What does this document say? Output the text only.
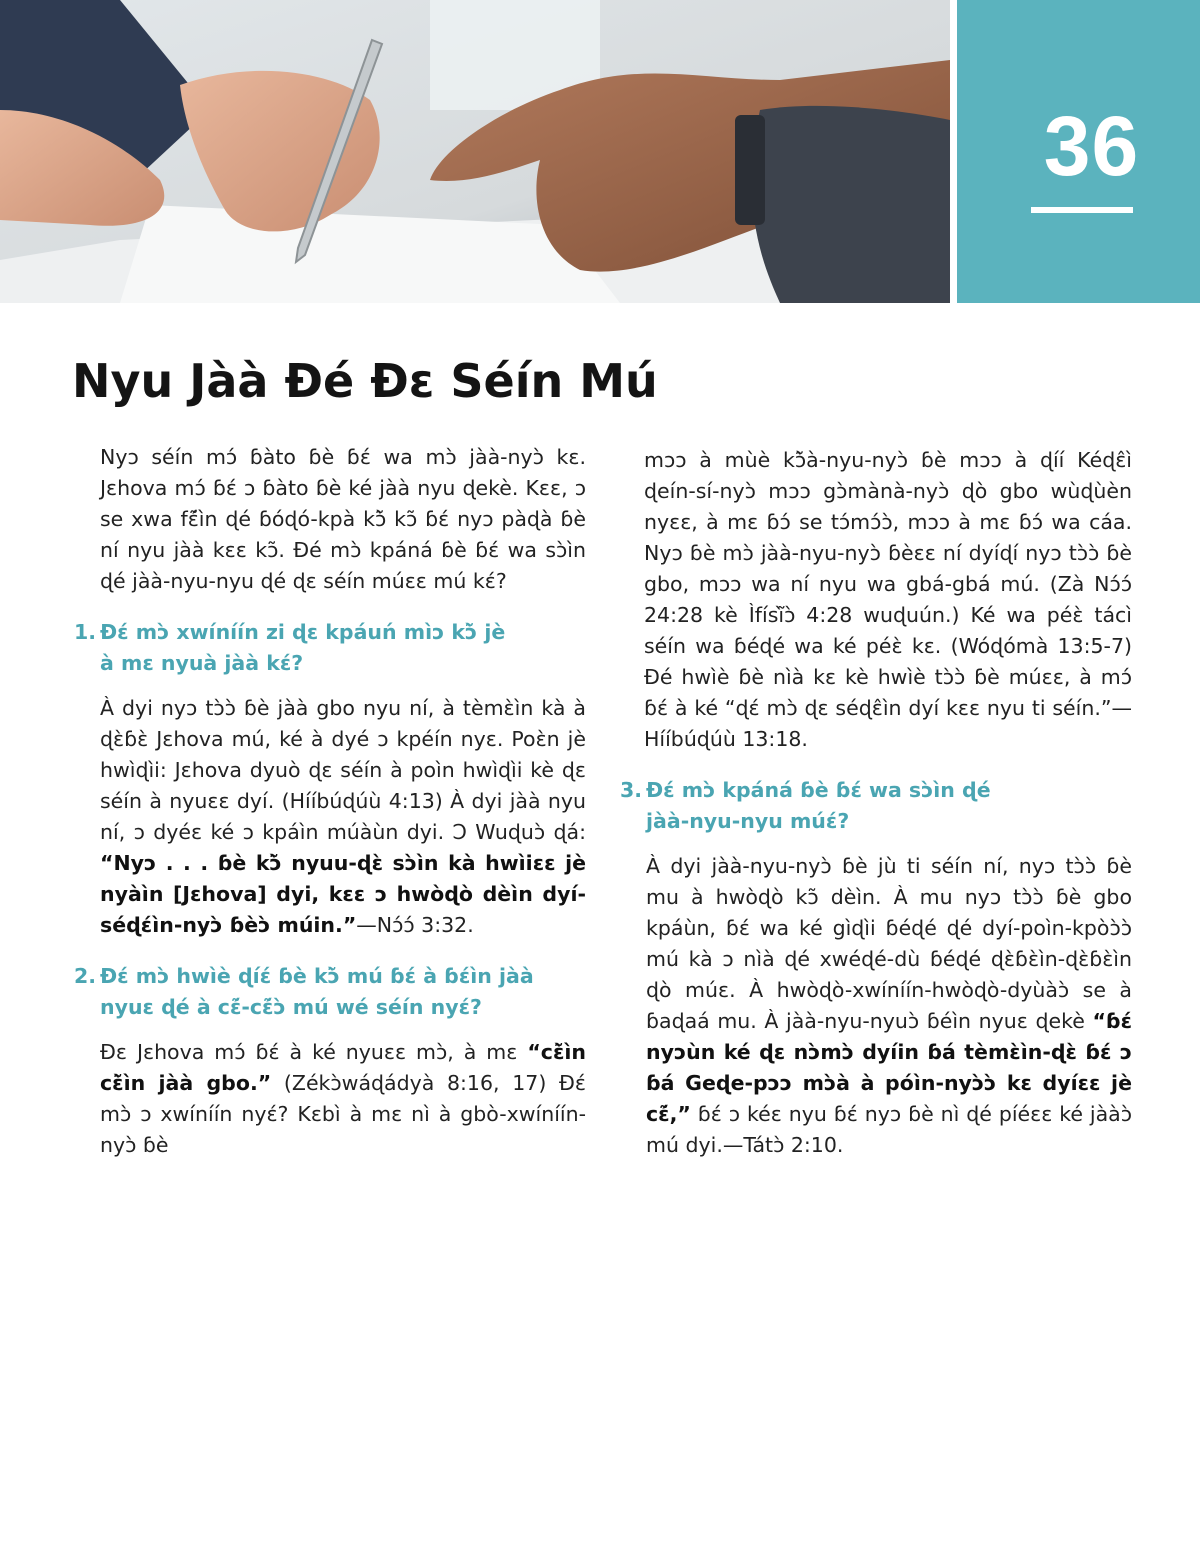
36
Nyu Jàà Ɖé Ɖɛ Séín Mú

Nyɔ séín mɔ́ ɓàto ɓè ɓɛ́ wa mɔ̀ jàà-nyɔ̀ kɛ. Jɛhova mɔ́ ɓɛ́ ɔ ɓàto ɓè ké jàà nyu ɖekè. Kɛɛ, ɔ se xwa fɛ̃́ìn ɖé ɓóɖó-kpà kɔ̃̀ kɔ̃ ɓɛ́ nyɔ pàɖà ɓè ní nyu jàà kɛɛ kɔ̃. Ɖé mɔ̀ kpáná ɓè ɓɛ́ wa sɔ̀ìn ɖé jàà-nyu-nyu ɖé ɖɛ séín múɛɛ mú kɛ́?

1. Ɖɛ́ mɔ̀ xwíníín zi ɖɛ kpáuń mìɔ kɔ̃̀ jè
à mɛ nyuà jàà kɛ́?

À dyi nyɔ tɔ̀ɔ̀ ɓè jàà gbo nyu ní, à tèmɛ̀ìn kà à ɖɛ̀ɓɛ̀ Jɛhova mú, ké à dyé ɔ kpéín nyɛ. Poɛ̀n jè hwìɖìi: Jɛhova dyuò ɖɛ séín à poìn hwìɖìi kè ɖɛ séín à nyuɛɛ dyí. (Hííbúɖúù 4:13) À dyi jàà nyu ní, ɔ dyéɛ ké ɔ kpáìn múàùn dyi. Ɔ Wuɖuɔ̀ ɖá: “Nyɔ . . . ɓè kɔ̃̀ nyuu-ɖɛ̀ sɔ̀ìn kà hwìiɛɛ jè nyàìn [Jɛhova] dyi, kɛɛ ɔ hwòɖò dèìn dyí-séɖɛ́ìn-nyɔ̀ ɓèɔ̀ múin.”—Nɔ́ɔ́ 3:32.

2. Ɖɛ́ mɔ̀ hwìè ɖíɛ́ ɓè kɔ̃̀ mú ɓɛ́ à ɓɛ́ìn jàà
nyuɛ ɖé à cɛ̃́-cɛ̃́ɔ̀ mú wé séín nyɛ́?

Ɖɛ Jɛhova mɔ́ ɓɛ́ à ké nyuɛɛ mɔ̀, à mɛ “cɛ̃̀ìn cɛ̃̀ìn jàà gbo.” (Zékɔ̀wáɖádyà 8:16, 17) Ɖɛ́ mɔ̀ ɔ xwíníín nyɛ́? Kɛbì à mɛ nì à gbò-xwíníín-nyɔ̀ ɓè

mɔɔ à mùè kɔ̃̀à-nyu-nyɔ̀ ɓè mɔɔ à ɖíí Kéɖɛ̂ì ɖeín-sí-nyɔ̀ mɔɔ gɔ̀mànà-nyɔ̀ ɖò gbo wùɖùèn nyɛɛ, à mɛ ɓɔ́ se tɔ́mɔ́ɔ̀, mɔɔ à mɛ ɓɔ́ wa cáa. Nyɔ ɓè mɔ̀ jàà-nyu-nyɔ̀ ɓèɛɛ ní dyíɖí nyɔ tɔ̀ɔ̀ ɓè gbo, mɔɔ wa ní nyu wa gbá-gbá mú. (Zà Nɔ́ɔ́ 24:28 kè Ìfísĩ̀ɔ̀ 4:28 wuɖuún.) Ké wa péɛ̀ tácì séín wa ɓéɖé wa ké péɛ̀ kɛ. (Wóɖómà 13:5-7) Ɖé hwìè ɓè nìà kɛ kè hwìè tɔ̀ɔ̀ ɓè múɛɛ, à mɔ́ ɓɛ́ à ké “ɖɛ́ mɔ̀ ɖɛ séɖɛ̂ìn dyí kɛɛ nyu ti séín.”—Hííbúɖúù 13:18.

3. Ɖɛ́ mɔ̀ kpáná ɓè ɓɛ́ wa sɔ̀ìn ɖé
jàà-nyu-nyu múɛ́?

À dyi jàà-nyu-nyɔ̀ ɓè jù ti séín ní, nyɔ tɔ̀ɔ̀ ɓè mu à hwòɖò kɔ̃ dèìn. À mu nyɔ tɔ̀ɔ̀ ɓè gbo kpáùn, ɓɛ́ wa ké gìɖìi ɓéɖé ɖé dyí-poìn-kpòɔ̀ɔ̀ mú kà ɔ nìà ɖé xwéɖé-dù ɓéɖé ɖɛ̀ɓɛ̀ìn-ɖɛ̀ɓɛ̀ìn ɖò múɛ. À hwòɖò-xwíníín-hwòɖò-dyùàɔ̀ se à ɓaɖaá mu. À jàà-nyu-nyuɔ̀ ɓéìn nyuɛ ɖekè “ɓɛ́ nyɔùn ké ɖɛ nɔ̀mɔ̀ dyíin ɓá tèmɛ̀ìn-ɖɛ̀ ɓɛ́ ɔ ɓá Geɖe-pɔɔ mɔ̀à à póìn-nyɔ̀ɔ̀ kɛ dyíɛɛ jè cɛ̃́,” ɓɛ́ ɔ kéɛ nyu ɓɛ́ nyɔ ɓè nì ɖé píéɛɛ ké jààɔ̀ mú dyi.—Tátɔ̀ 2:10.
